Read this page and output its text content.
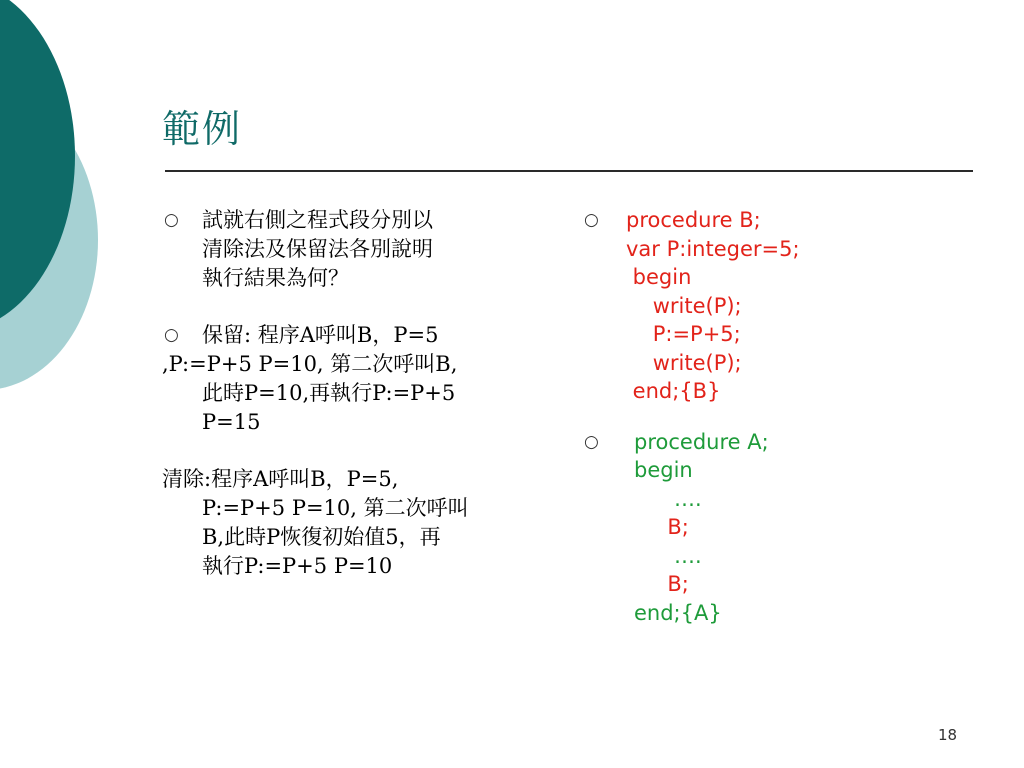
範例
○ 試就右側之程式段分別以
清除法及保留法各別說明
執行結果為何？
○ 保留: 程序A呼叫B，P=5
,P:=P+5 P=10, 第二次呼叫B,
此時P=10,再執行P:=P+5
P=15
清除:程序A呼叫B，P=5,
P:=P+5 P=10, 第二次呼叫
B,此時P恢復初始值5，再
執行P:=P+5 P=10
○ procedure B;
var P:integer=5;
begin
write(P);
P:=P+5;
write(P);
end;{B}
○ procedure A;
begin
….
B;
….
B;
end;{A}
18
